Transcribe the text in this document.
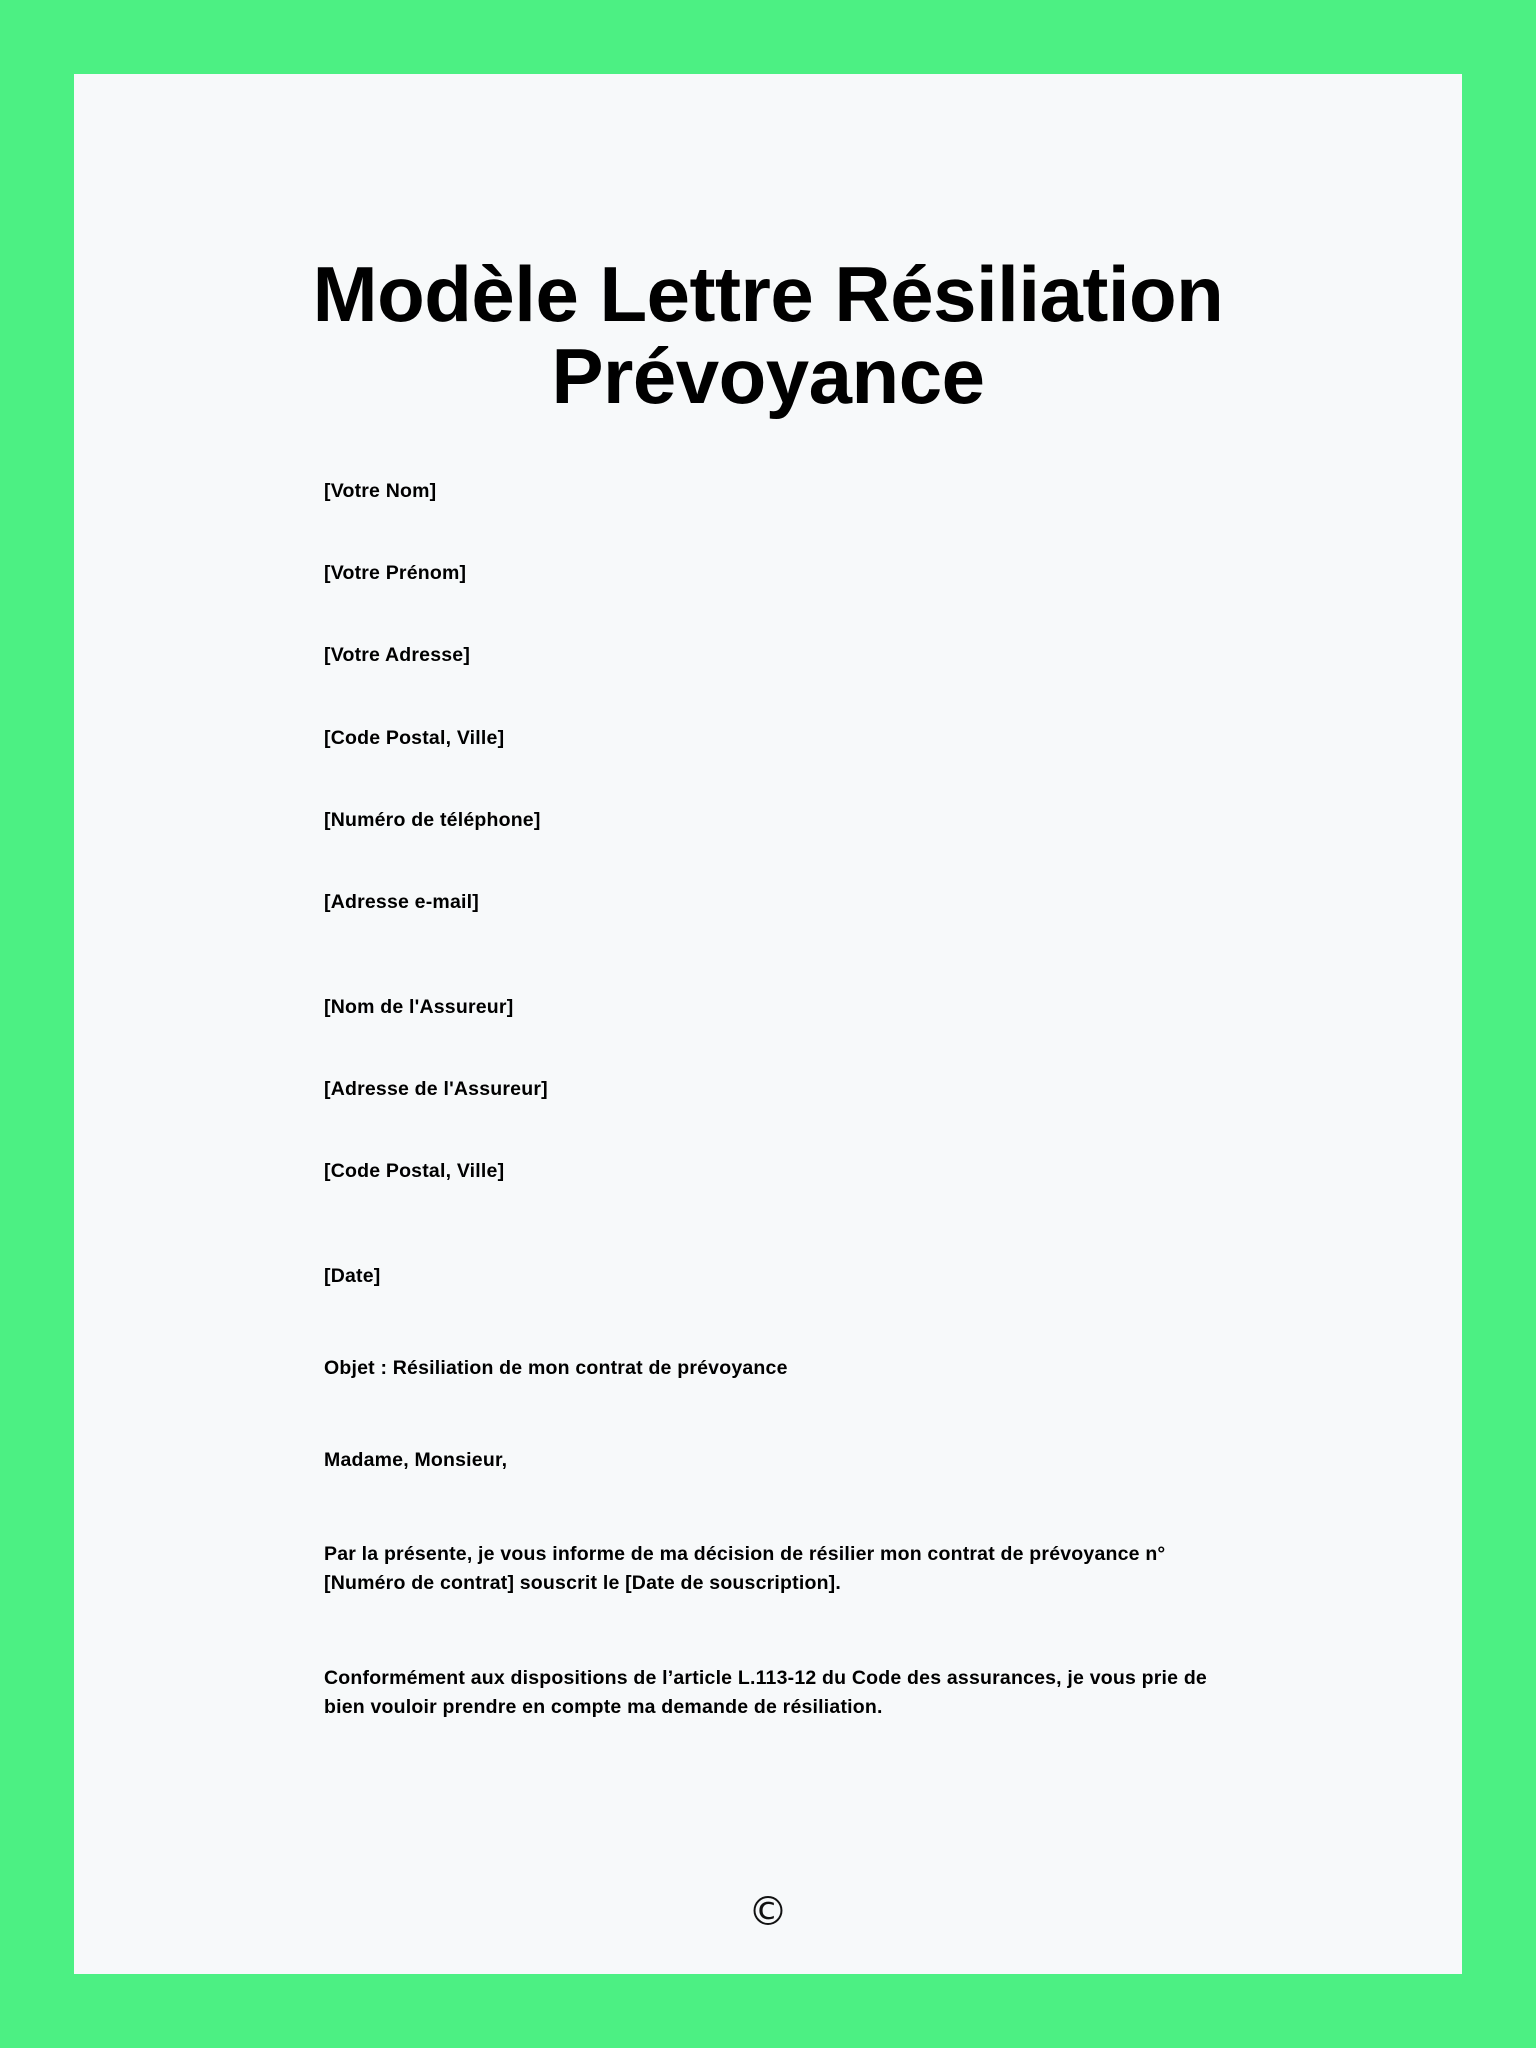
Modèle Lettre Résiliation Prévoyance
[Votre Nom]
[Votre Prénom]
[Votre Adresse]
[Code Postal, Ville]
[Numéro de téléphone]
[Adresse e-mail]
[Nom de l'Assureur]
[Adresse de l'Assureur]
[Code Postal, Ville]
[Date]
Objet : Résiliation de mon contrat de prévoyance
Madame, Monsieur,
Par la présente, je vous informe de ma décision de résilier mon contrat de prévoyance n° [Numéro de contrat] souscrit le [Date de souscription].
Conformément aux dispositions de l’article L.113-12 du Code des assurances, je vous prie de bien vouloir prendre en compte ma demande de résiliation.
©
